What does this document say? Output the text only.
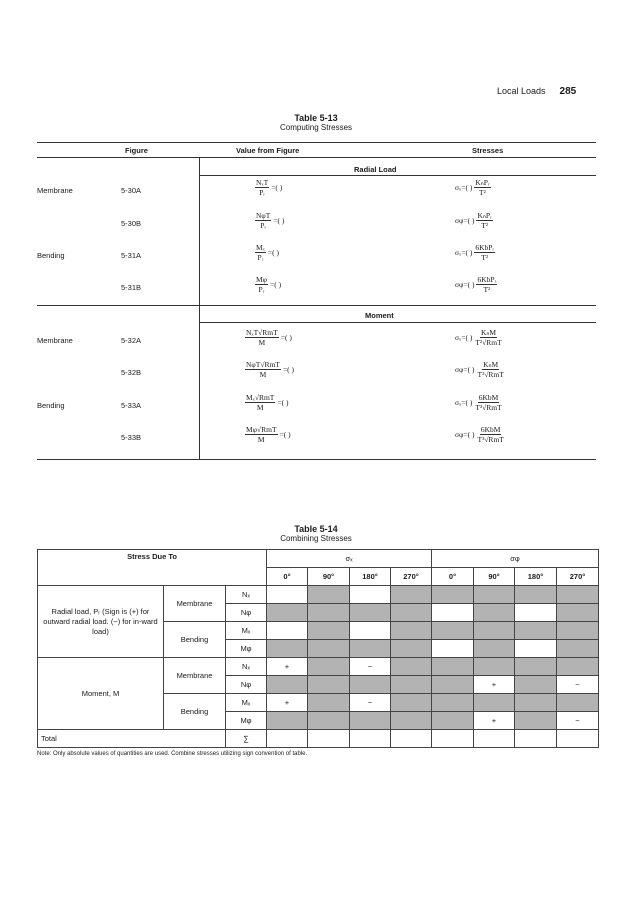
Local Loads 285
Table 5-13
Computing Stresses
Figure	Value from Figure	Stresses
Radial Load
Membrane	5-30A	$\frac{\text{NₓT}}{\text{Pᵣ}}$ =( )	σₓ=( ) $\frac{\text{KₙPᵣ}}{\text{T²}}$
5-30B	$\frac{\text{NφT}}{\text{Pᵣ}}$ =( )	σφ=( ) $\frac{\text{KₙPᵣ}}{\text{T²}}$
Bending	5-31A	$\frac{\text{Mₓ}}{\text{Pᵣ}}$ =( )	σₓ=( ) $\frac{\text{6KbPᵣ}}{\text{T²}}$
5-31B	$\frac{M\varphi}{\text{Pᵣ}}$ =( )	σφ=( ) $\frac{\text{6KbPᵣ}}{\text{T²}}$
Moment
Membrane	5-32A	$\frac{\text{NₓT√RmT}}{M}$ =( )	σₓ=( ) $\frac{\text{KₙM}}{\text{T²√RmT}}$
5-32B	$\frac{\text{NφT√RmT}}{M}$ =( )	σφ=( ) $\frac{\text{KₙM}}{\text{T²√RmT}}$
Bending	5-33A	$\frac{\text{Mₓ√RmT}}{M}$ =( )	σₓ=( ) $\frac{\text{6KbM}}{\text{T³√RmT}}$
5-33B	$\frac{\text{Mφ√RmT}}{M}$ =( )	σφ=( ) $\frac{\text{6KbM}}{\text{T³√RmT}}$
Table 5-14
Combining Stresses
Stress Due To			σₓ				σφ			
			0°	90°	180°	270°	0°	90°	180°	270°
Radial load, Pᵣ (Sign is (+) for outward radial load. (−) for in-ward load)	Membrane	Nₓ								
		Nφ								
	Bending	Mₓ								
		Mφ								
Moment, M	Membrane	Nₓ	+		−					
		Nφ						+		−
	Bending	Mₓ	+		−					
		Mφ						+		−
Total		∑								
Note: Only absolute values of quantities are used. Combine stresses utilizing sign convention of table.
